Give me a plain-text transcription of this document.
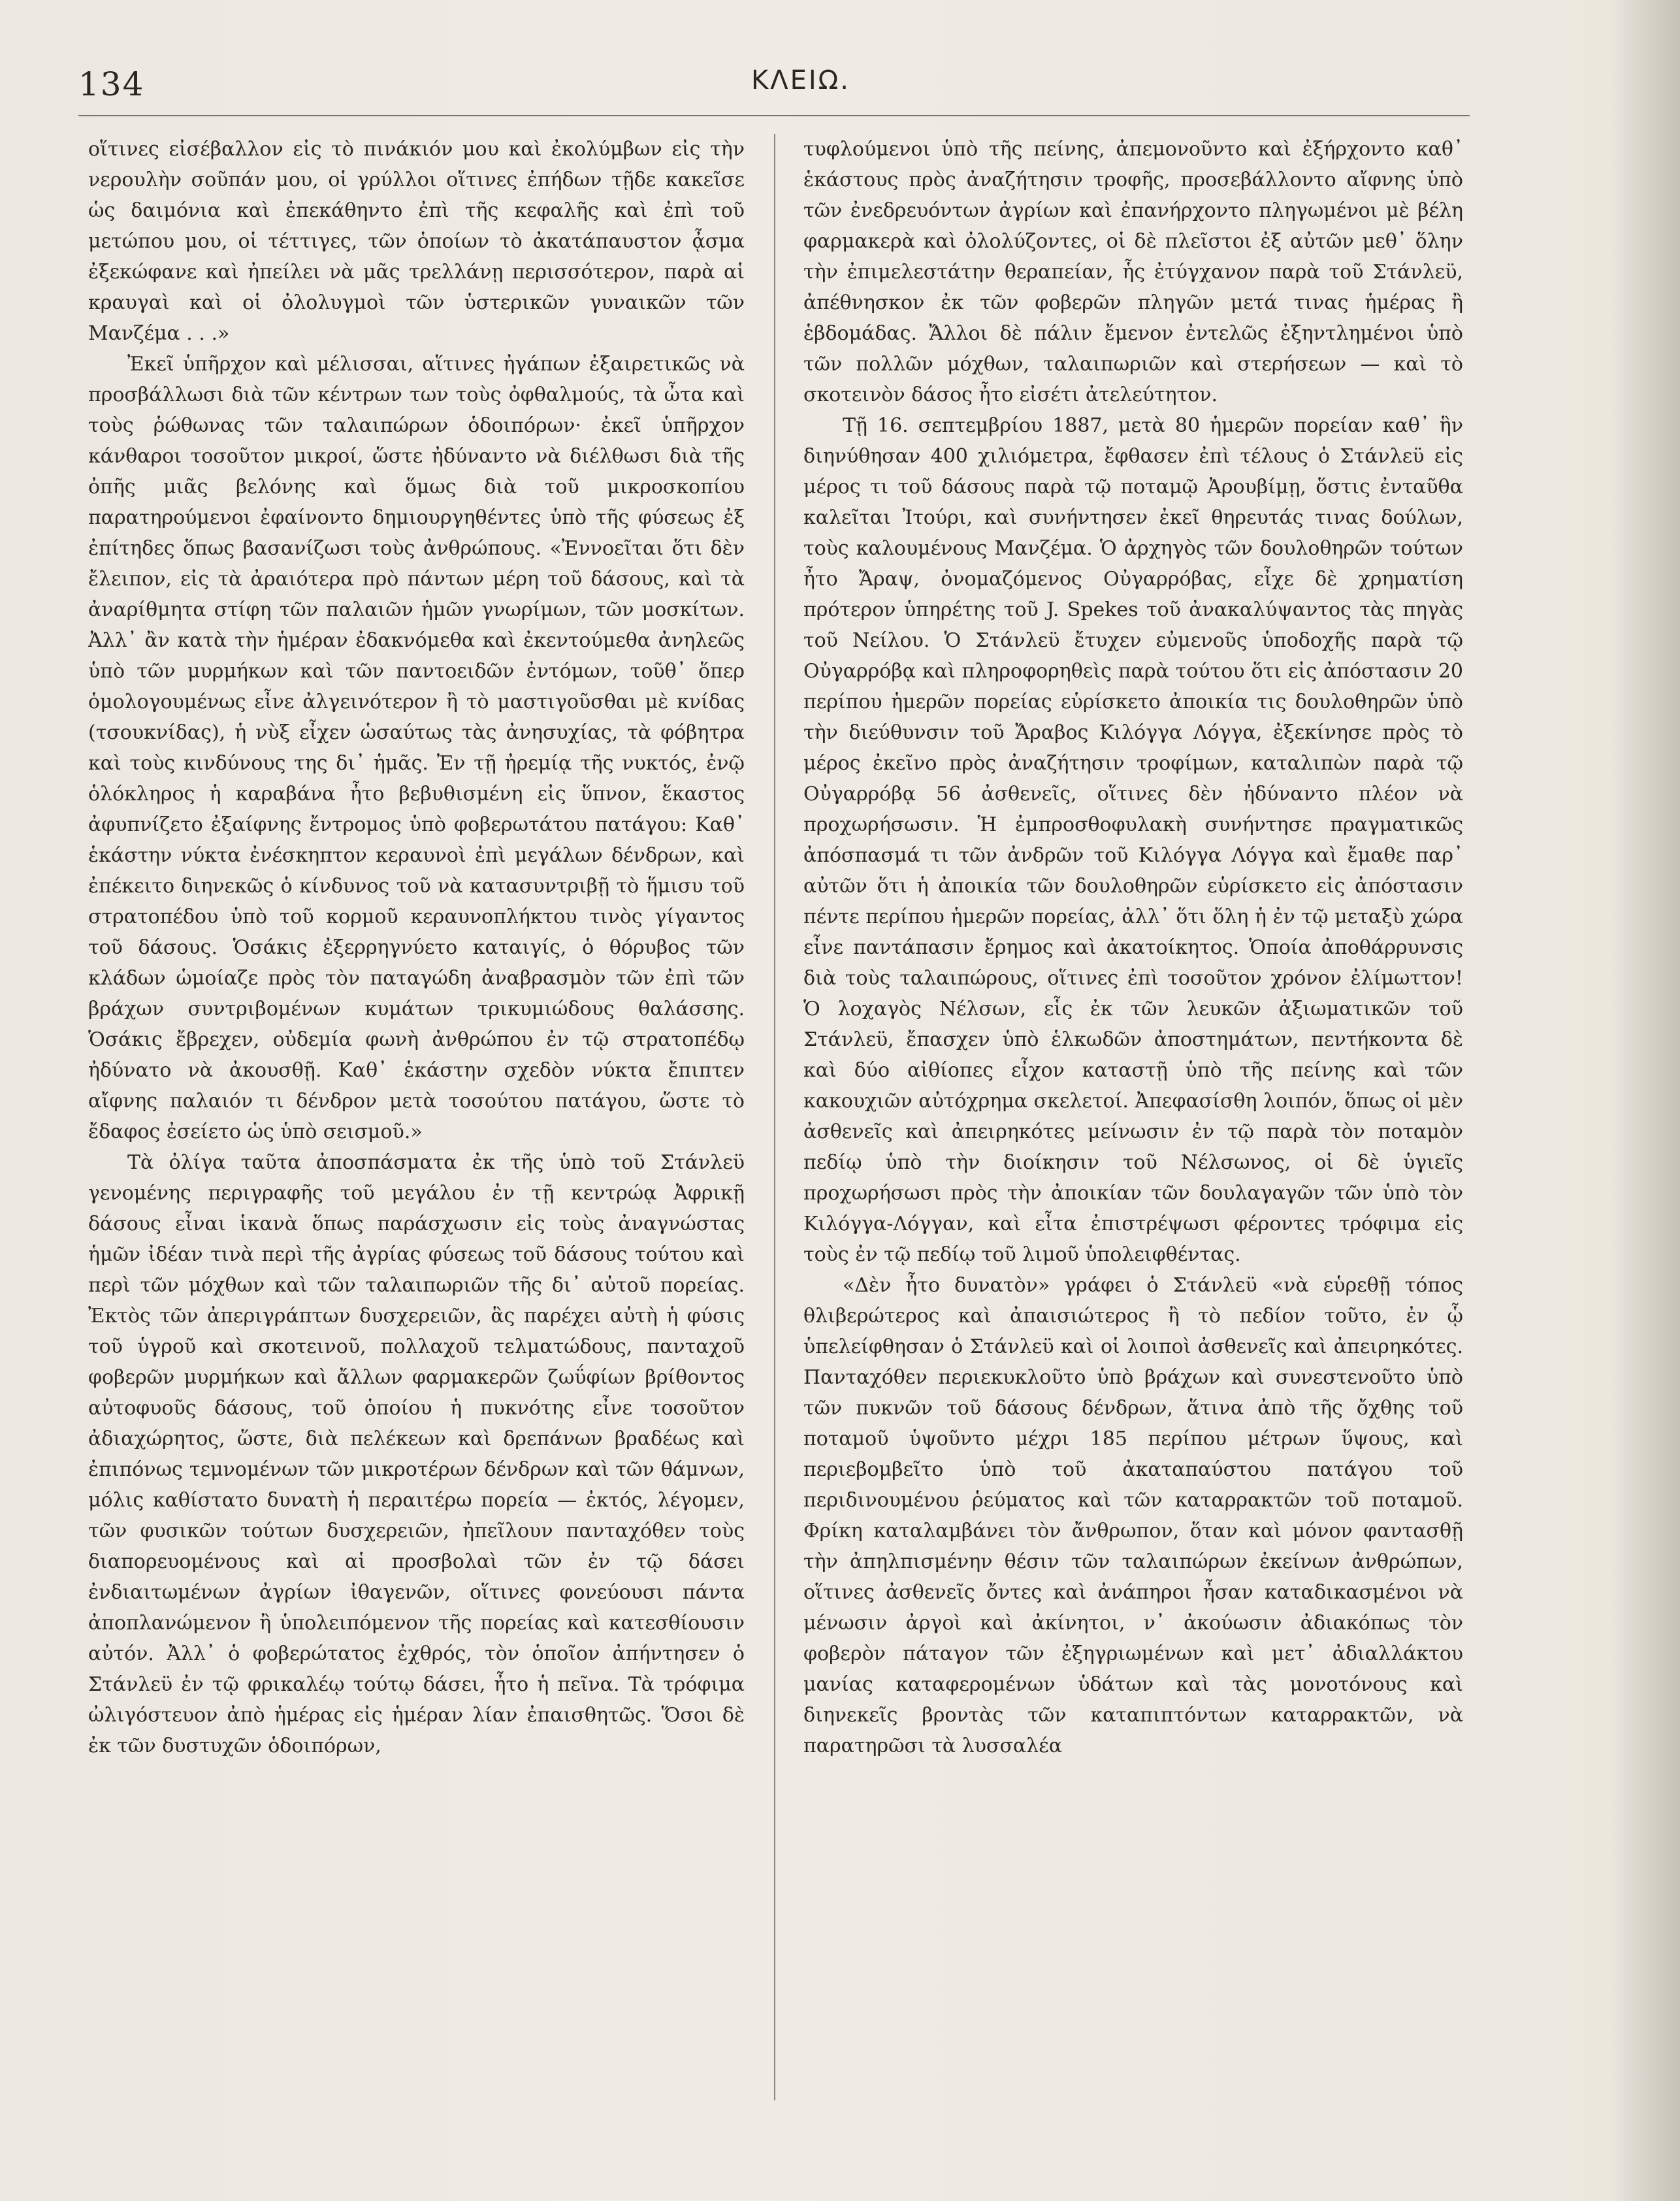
134	ΚΛΕΙΩ.

οἵτινες εἰσέβαλλον εἰς τὸ πινάκιόν μου καὶ ἐκολύμβων εἰς τὴν νερουλὴν σοῦπάν μου, οἱ γρύλλοι οἵτινες ἐπήδων τῇδε κακεῖσε ὡς δαιμόνια καὶ ἐπεκάθηντο ἐπὶ τῆς κεφαλῆς καὶ ἐπὶ τοῦ μετώπου μου, οἱ τέττιγες, τῶν ὁποίων τὸ ἀκατάπαυστον ᾆσμα ἐξεκώφανε καὶ ἠπείλει νὰ μᾶς τρελλάνῃ περισσότερον, παρὰ αἱ κραυγαὶ καὶ οἱ ὀλολυγμοὶ τῶν ὑστερικῶν γυναικῶν τῶν Μανζέμα . . .»

Ἐκεῖ ὑπῆρχον καὶ μέλισσαι, αἵτινες ἠγάπων ἐξαιρετικῶς νὰ προσβάλλωσι διὰ τῶν κέντρων των τοὺς ὀφθαλμούς, τὰ ὦτα καὶ τοὺς ῥώθωνας τῶν ταλαιπώρων ὁδοιπόρων· ἐκεῖ ὑπῆρχον κάνθαροι τοσοῦτον μικροί, ὥστε ἠδύναντο νὰ διέλθωσι διὰ τῆς ὀπῆς μιᾶς βελόνης καὶ ὅμως διὰ τοῦ μικροσκοπίου παρατηρούμενοι ἐφαίνοντο δημιουργηθέντες ὑπὸ τῆς φύσεως ἐξ ἐπίτηδες ὅπως βασανίζωσι τοὺς ἀνθρώπους. «Ἐννοεῖται ὅτι δὲν ἔλειπον, εἰς τὰ ἀραιότερα πρὸ πάντων μέρη τοῦ δάσους, καὶ τὰ ἀναρίθμητα στίφη τῶν παλαιῶν ἡμῶν γνωρίμων, τῶν μοσκίτων. Ἀλλ᾽ ἂν κατὰ τὴν ἡμέραν ἐδακνόμεθα καὶ ἐκεντούμεθα ἀνηλεῶς ὑπὸ τῶν μυρμήκων καὶ τῶν παντοειδῶν ἐντόμων, τοῦθ᾽ ὅπερ ὁμολογουμένως εἶνε ἀλγεινότερον ἢ τὸ μαστιγοῦσθαι μὲ κνίδας (τσουκνίδας), ἡ νὺξ εἶχεν ὡσαύτως τὰς ἀνησυχίας, τὰ φόβητρα καὶ τοὺς κινδύνους της δι᾽ ἡμᾶς. Ἐν τῇ ἠρεμίᾳ τῆς νυκτός, ἐνῷ ὁλόκληρος ἡ καραβάνα ἦτο βεβυθισμένη εἰς ὕπνον, ἕκαστος ἀφυπνίζετο ἐξαίφνης ἔντρομος ὑπὸ φοβερωτάτου πατάγου: Καθ᾽ ἑκάστην νύκτα ἐνέσκηπτον κεραυνοὶ ἐπὶ μεγάλων δένδρων, καὶ ἐπέκειτο διηνεκῶς ὁ κίνδυνος τοῦ νὰ κατασυντριβῇ τὸ ἥμισυ τοῦ στρατοπέδου ὑπὸ τοῦ κορμοῦ κεραυνοπλήκτου τινὸς γίγαντος τοῦ δάσους. Ὁσάκις ἐξερρηγνύετο καταιγίς, ὁ θόρυβος τῶν κλάδων ὡμοίαζε πρὸς τὸν παταγώδη ἀναβρασμὸν τῶν ἐπὶ τῶν βράχων συντριβομένων κυμάτων τρικυμιώδους θαλάσσης. Ὁσάκις ἔβρεχεν, οὐδεμία φωνὴ ἀνθρώπου ἐν τῷ στρατοπέδῳ ἠδύνατο νὰ ἀκουσθῇ. Καθ᾽ ἑκάστην σχεδὸν νύκτα ἔπιπτεν αἴφνης παλαιόν τι δένδρον μετὰ τοσούτου πατάγου, ὥστε τὸ ἔδαφος ἐσείετο ὡς ὑπὸ σεισμοῦ.»

Τὰ ὀλίγα ταῦτα ἀποσπάσματα ἐκ τῆς ὑπὸ τοῦ Στάνλεϋ γενομένης περιγραφῆς τοῦ μεγάλου ἐν τῇ κεντρώᾳ Ἀφρικῇ δάσους εἶναι ἱκανὰ ὅπως παράσχωσιν εἰς τοὺς ἀναγνώστας ἡμῶν ἰδέαν τινὰ περὶ τῆς ἀγρίας φύσεως τοῦ δάσους τούτου καὶ περὶ τῶν μόχθων καὶ τῶν ταλαιπωριῶν τῆς δι᾽ αὐτοῦ πορείας. Ἐκτὸς τῶν ἀπεριγράπτων δυσχερειῶν, ἃς παρέχει αὐτὴ ἡ φύσις τοῦ ὑγροῦ καὶ σκοτεινοῦ, πολλαχοῦ τελματώδους, πανταχοῦ φοβερῶν μυρμήκων καὶ ἄλλων φαρμακερῶν ζωΰφίων βρίθοντος αὐτοφυοῦς δάσους, τοῦ ὁποίου ἡ πυκνότης εἶνε τοσοῦτον ἀδιαχώρητος, ὥστε, διὰ πελέκεων καὶ δρεπάνων βραδέως καὶ ἐπιπόνως τεμνομένων τῶν μικροτέρων δένδρων καὶ τῶν θάμνων, μόλις καθίστατο δυνατὴ ἡ περαιτέρω πορεία — ἐκτός, λέγομεν, τῶν φυσικῶν τούτων δυσχερειῶν, ἠπεῖλουν πανταχόθεν τοὺς διαπορευομένους καὶ αἱ προσβολαὶ τῶν ἐν τῷ δάσει ἐνδιαιτωμένων ἀγρίων ἰθαγενῶν, οἵτινες φονεύουσι πάντα ἀποπλανώμενον ἢ ὑπολειπόμενον τῆς πορείας καὶ κατεσθίουσιν αὐτόν. Ἀλλ᾽ ὁ φοβερώτατος ἐχθρός, τὸν ὁποῖον ἀπήντησεν ὁ Στάνλεϋ ἐν τῷ φρικαλέῳ τούτῳ δάσει, ἦτο ἡ πεῖνα. Τὰ τρόφιμα ὠλιγόστευον ἀπὸ ἡμέρας εἰς ἡμέραν λίαν ἐπαισθητῶς. Ὅσοι δὲ ἐκ τῶν δυστυχῶν ὁδοιπόρων,

τυφλούμενοι ὑπὸ τῆς πείνης, ἀπεμονοῦντο καὶ ἐξήρχοντο καθ᾽ ἑκάστους πρὸς ἀναζήτησιν τροφῆς, προσεβάλλοντο αἴφνης ὑπὸ τῶν ἐνεδρευόντων ἀγρίων καὶ ἐπανήρχοντο πληγωμένοι μὲ βέλη φαρμακερὰ καὶ ὀλολύζοντες, οἱ δὲ πλεῖστοι ἐξ αὐτῶν μεθ᾽ ὅλην τὴν ἐπιμελεστάτην θεραπείαν, ἧς ἐτύγχανον παρὰ τοῦ Στάνλεϋ, ἀπέθνησκον ἐκ τῶν φοβερῶν πληγῶν μετά τινας ἡμέρας ἢ ἑβδομάδας. Ἄλλοι δὲ πάλιν ἔμενον ἐντελῶς ἐξηντλημένοι ὑπὸ τῶν πολλῶν μόχθων, ταλαιπωριῶν καὶ στερήσεων — καὶ τὸ σκοτεινὸν δάσος ἦτο εἰσέτι ἀτελεύτητον.

Τῇ 16. σεπτεμβρίου 1887, μετὰ 80 ἡμερῶν πορείαν καθ᾽ ἣν διηνύθησαν 400 χιλιόμετρα, ἔφθασεν ἐπὶ τέλους ὁ Στάνλεϋ εἰς μέρος τι τοῦ δάσους παρὰ τῷ ποταμῷ Ἀρουβίμῃ, ὅστις ἐνταῦθα καλεῖται Ἰτούρι, καὶ συνήντησεν ἐκεῖ θηρευτάς τινας δούλων, τοὺς καλουμένους Μανζέμα. Ὁ ἀρχηγὸς τῶν δουλοθηρῶν τούτων ἦτο Ἄραψ, ὀνομαζόμενος Οὐγαρρόβας, εἶχε δὲ χρηματίση πρότερον ὑπηρέτης τοῦ J. Spekes τοῦ ἀνακαλύψαντος τὰς πηγὰς τοῦ Νείλου. Ὁ Στάνλεϋ ἔτυχεν εὐμενοῦς ὑποδοχῆς παρὰ τῷ Οὐγαρρόβᾳ καὶ πληροφορηθεὶς παρὰ τούτου ὅτι εἰς ἀπόστασιν 20 περίπου ἡμερῶν πορείας εὑρίσκετο ἀποικία τις δουλοθηρῶν ὑπὸ τὴν διεύθυνσιν τοῦ Ἄραβος Κιλόγγα Λόγγα, ἐξεκίνησε πρὸς τὸ μέρος ἐκεῖνο πρὸς ἀναζήτησιν τροφίμων, καταλιπὼν παρὰ τῷ Οὐγαρρόβᾳ 56 ἀσθενεῖς, οἵτινες δὲν ἠδύναντο πλέον νὰ προχωρήσωσιν. Ἡ ἐμπροσθοφυλακὴ συνήντησε πραγματικῶς ἀπόσπασμά τι τῶν ἀνδρῶν τοῦ Κιλόγγα Λόγγα καὶ ἔμαθε παρ᾽ αὐτῶν ὅτι ἡ ἀποικία τῶν δουλοθηρῶν εὑρίσκετο εἰς ἀπόστασιν πέντε περίπου ἡμερῶν πορείας, ἀλλ᾽ ὅτι ὅλη ἡ ἐν τῷ μεταξὺ χώρα εἶνε παντάπασιν ἔρημος καὶ ἀκατοίκητος. Ὁποία ἀποθάρρυνσις διὰ τοὺς ταλαιπώρους, οἵτινες ἐπὶ τοσοῦτον χρόνον ἐλίμωττον! Ὁ λοχαγὸς Νέλσων, εἷς ἐκ τῶν λευκῶν ἀξιωματικῶν τοῦ Στάνλεϋ, ἔπασχεν ὑπὸ ἑλκωδῶν ἀποστημάτων, πεντήκοντα δὲ καὶ δύο αἰθίοπες εἶχον καταστῇ ὑπὸ τῆς πείνης καὶ τῶν κακουχιῶν αὐτόχρημα σκελετοί. Ἀπεφασίσθη λοιπόν, ὅπως οἱ μὲν ἀσθενεῖς καὶ ἀπειρηκότες μείνωσιν ἐν τῷ παρὰ τὸν ποταμὸν πεδίῳ ὑπὸ τὴν διοίκησιν τοῦ Νέλσωνος, οἱ δὲ ὑγιεῖς προχωρήσωσι πρὸς τὴν ἀποικίαν τῶν δουλαγαγῶν τῶν ὑπὸ τὸν Κιλόγγα-Λόγγαν, καὶ εἶτα ἐπιστρέψωσι φέροντες τρόφιμα εἰς τοὺς ἐν τῷ πεδίῳ τοῦ λιμοῦ ὑπολειφθέντας.

«Δὲν ἦτο δυνατὸν» γράφει ὁ Στάνλεϋ «νὰ εὑρεθῇ τόπος θλιβερώτερος καὶ ἀπαισιώτερος ἢ τὸ πεδίον τοῦτο, ἐν ᾧ ὑπελείφθησαν ὁ Στάνλεϋ καὶ οἱ λοιποὶ ἀσθενεῖς καὶ ἀπειρηκότες. Πανταχόθεν περιεκυκλοῦτο ὑπὸ βράχων καὶ συνεστενοῦτο ὑπὸ τῶν πυκνῶν τοῦ δάσους δένδρων, ἅτινα ἀπὸ τῆς ὄχθης τοῦ ποταμοῦ ὑψοῦντο μέχρι 185 περίπου μέτρων ὕψους, καὶ περιεβομβεῖτο ὑπὸ τοῦ ἀκαταπαύστου πατάγου τοῦ περιδινουμένου ῥεύματος καὶ τῶν καταρρακτῶν τοῦ ποταμοῦ. Φρίκη καταλαμβάνει τὸν ἄνθρωπον, ὅταν καὶ μόνον φαντασθῇ τὴν ἀπηλπισμένην θέσιν τῶν ταλαιπώρων ἐκείνων ἀνθρώπων, οἵτινες ἀσθενεῖς ὄντες καὶ ἀνάπηροι ἦσαν καταδικασμένοι νὰ μένωσιν ἀργοὶ καὶ ἀκίνητοι, ν᾽ ἀκούωσιν ἀδιακόπως τὸν φοβερὸν πάταγον τῶν ἐξηγριωμένων καὶ μετ᾽ ἀδιαλλάκτου μανίας καταφερομένων ὑδάτων καὶ τὰς μονοτόνους καὶ διηνεκεῖς βροντὰς τῶν καταπιπτόντων καταρρακτῶν, νὰ παρατηρῶσι τὰ λυσσαλέα
